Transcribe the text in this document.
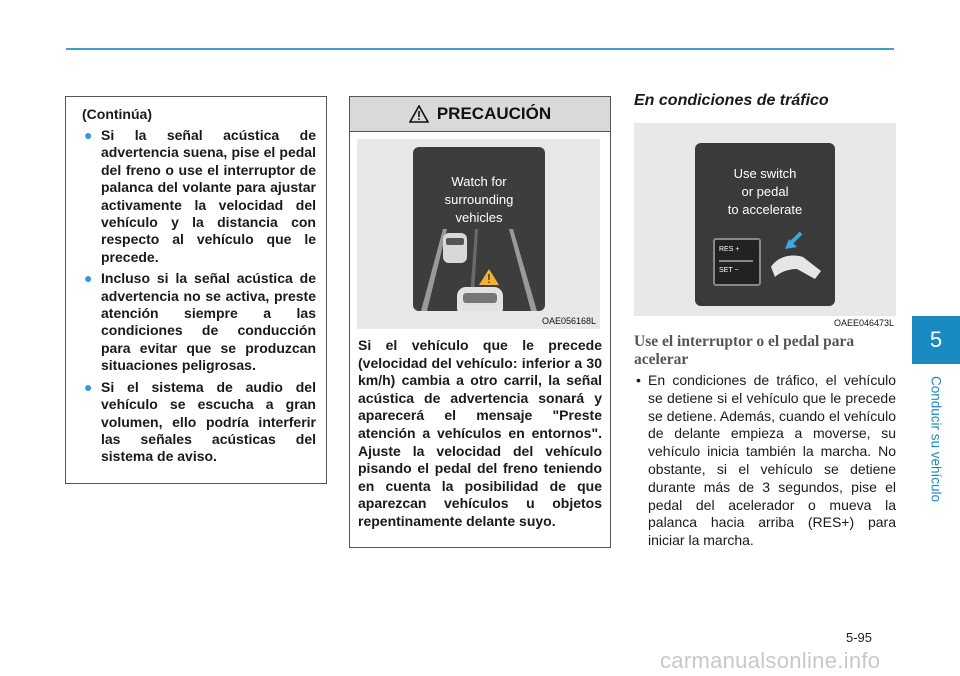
(Continúa)
● Si la señal acústica de advertencia suena, pise el pedal del freno o use el interruptor de palanca del volante para ajustar activamente la velocidad del vehículo y la distancia con respecto al vehículo que le precede.
● Incluso si la señal acústica de advertencia no se activa, preste atención siempre a las condiciones de conducción para evitar que se produzcan situaciones peligrosas.
● Si el sistema de audio del vehículo se escucha a gran volumen, ello podría interferir las señales acústicas del sistema de aviso.
PRECAUCIÓN
Si el vehículo que le precede (velocidad del vehículo: inferior a 30 km/h) cambia a otro carril, la señal acústica de advertencia sonará y aparecerá el mensaje "Preste atención a vehículos en entornos". Ajuste la velocidad del vehículo pisando el pedal del freno teniendo en cuenta la posibilidad de que aparezcan vehículos u objetos repentinamente delante suyo.
Watch for
surrounding
vehicles
OAE056168L
En condiciones de tráfico
Use switch
or pedal
to accelerate
RES +
SET −
OAEE046473L
Use el interruptor o el pedal para acelerar
• En condiciones de tráfico, el vehículo se detiene si el vehículo que le precede se detiene. Además, cuando el vehículo de delante empieza a moverse, su vehículo inicia también la marcha. No obstante, si el vehículo se detiene durante más de 3 segundos, pise el pedal del acelerador o mueva la palanca hacia arriba (RES+) para iniciar la marcha.
5
Conducir su vehículo
5-95
carmanualsonline.info
